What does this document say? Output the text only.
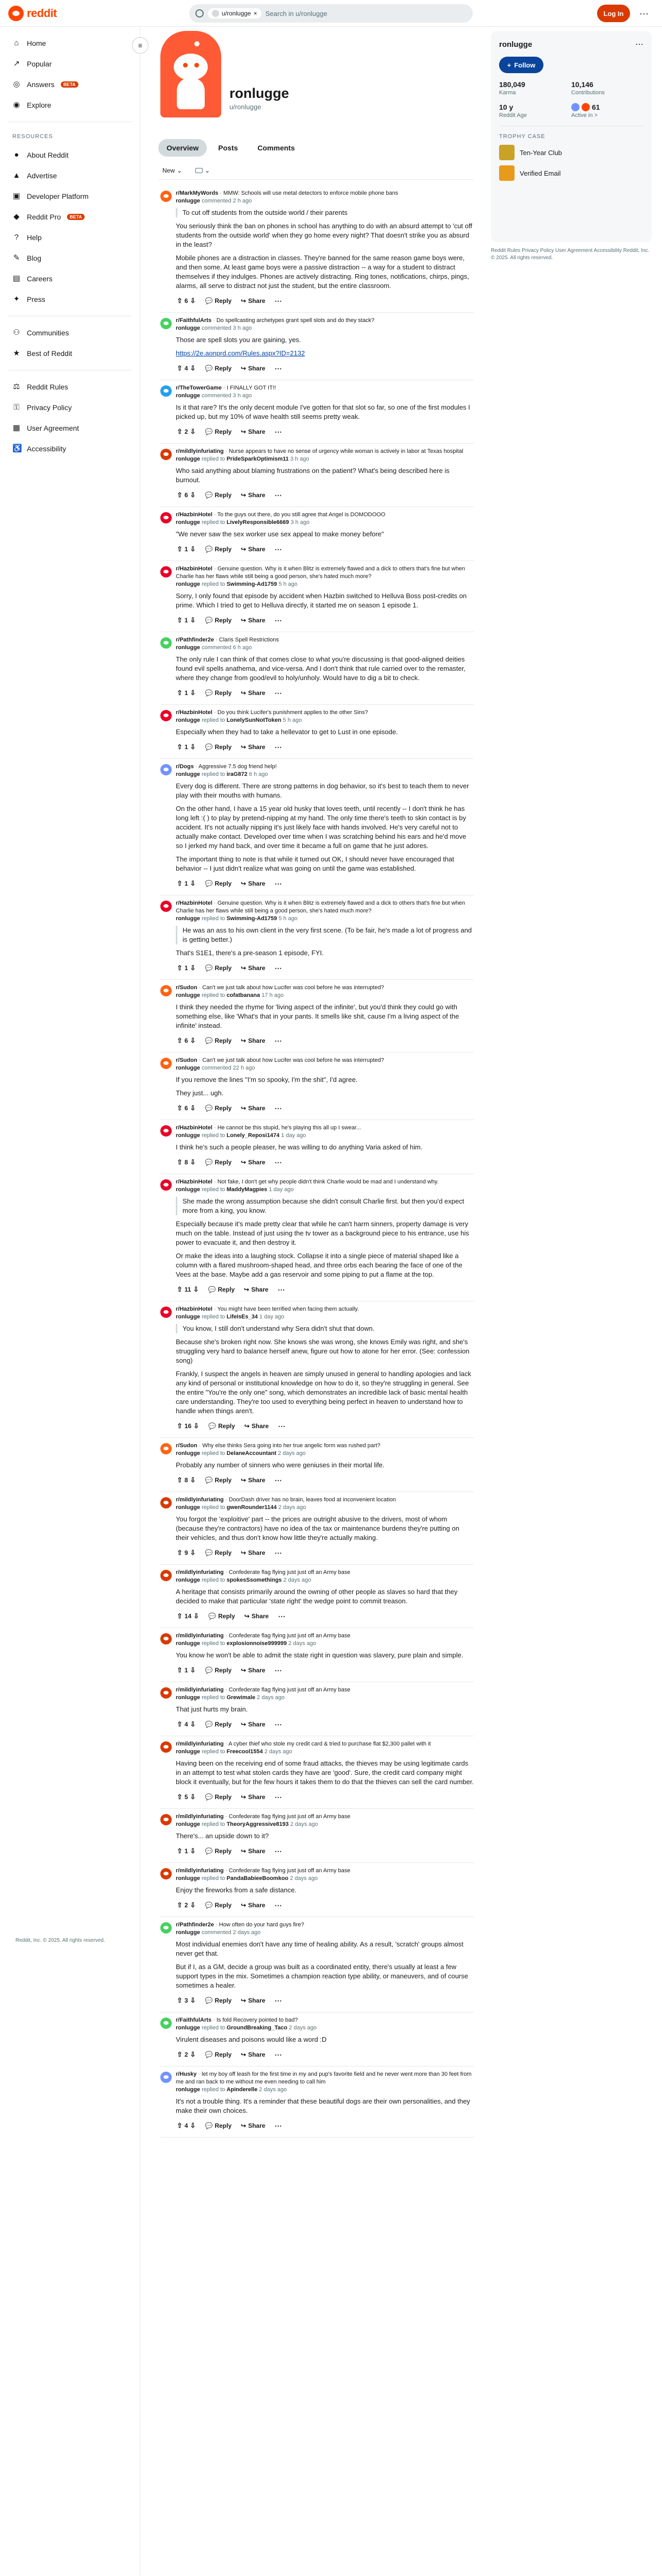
reddit	u/ronlugge × Search in u/ronlugge	Log In	⋯
⌂ Home
↗ Popular
◎ Answers	BETA
◉ Explore
RESOURCES
● About Reddit
▲ Advertise
▣ Developer Platform
◆ Reddit Pro	BETA
? Help
✎ Blog
▤ Careers
✦ Press
⚇ Communities
★ Best of Reddit
⚖ Reddit Rules
⚿ Privacy Policy
▦ User Agreement
♿ Accessibility
≡
Reddit, Inc. © 2025. All rights reserved.
ronlugge
u/ronlugge
Overview	Posts	Comments
New ⌄	⌄
r/MarkMyWords · MMW: Schools will use metal detectors to enforce mobile phone bans
ronlugge commented 2 h ago
To cut off students from the outside world / their parents

You seriously think the ban on phones in school has anything to do with an absurd attempt to 'cut off students from the outside world' when they go home every night? That doesn't strike you as absurd in the least?

Mobile phones are a distraction in classes. They're banned for the same reason game boys were, and then some. At least game boys were a passive distraction -- a way for a student to distract themselves if they indulges. Phones are actively distracting. Ring tones, notifications, chirps, pings, alarms, all serve to distract not just the student, but the entire classroom.

⇧ 6 ⇩ 💬 Reply ↪ Share	⋯
r/FaithfulArts · Do spellcasting archetypes grant spell slots and do they stack?
ronlugge commented 3 h ago

Those are spell slots you are gaining, yes.

https://2e.aonprd.com/Rules.aspx?ID=2132

⇧ 4 ⇩ 💬 Reply ↪ Share	⋯
r/TheTowerGame · I FINALLY GOT IT!!
ronlugge commented 3 h ago

Is it that rare? It's the only decent module I've gotten for that slot so far, so one of the first modules I picked up, but my 10% of wave health still seems pretty weak.

⇧ 2 ⇩ 💬 Reply ↪ Share	⋯
r/mildlyinfuriating · Nurse appears to have no sense of urgency while woman is actively in labor at Texas hospital
ronlugge replied to PrideSparkOptimism11 3 h ago

Who said anything about blaming frustrations on the patient? What's being described here is burnout.

⇧ 6 ⇩ 💬 Reply ↪ Share	⋯
r/HazbinHotel · To the guys out there, do you still agree that Angel is DOMODOOO
ronlugge replied to LivelyResponsible6669 3 h ago

"We never saw the sex worker use sex appeal to make money before"

⇧ 1 ⇩ 💬 Reply ↪ Share	⋯
r/HazbinHotel · Genuine question. Why is it when Blitz is extremely flawed and a dick to others that's fine but when Charlie has her flaws while still being a good person, she's hated much more?
ronlugge replied to Swimming-Ad1759 5 h ago

Sorry, I only found that episode by accident when Hazbin switched to Helluva Boss post-credits on prime. Which I tried to get to Helluva directly, it started me on season 1 episode 1.

⇧ 1 ⇩ 💬 Reply ↪ Share	⋯
r/Pathfinder2e · Claris Spell Restrictions
ronlugge commented 6 h ago

The only rule I can think of that comes close to what you're discussing is that good-aligned deities found evil spells anathema, and vice-versa. And I don't think that rule carried over to the remaster, where they change from good/evil to holy/unholy. Would have to dig a bit to check.

⇧ 1 ⇩ 💬 Reply ↪ Share	⋯
r/HazbinHotel · Do you think Lucifer's punishment applies to the other Sins?
ronlugge replied to LonelySunNotToken 5 h ago

Especially when they had to take a hellevator to get to Lust in one episode.

⇧ 1 ⇩ 💬 Reply ↪ Share	⋯
r/Dogs · Aggressive 7.5 dog friend help!
ronlugge replied to iraG872 6 h ago

Every dog is different. There are strong patterns in dog behavior, so it's best to teach them to never play with their mouths with humans.

On the other hand, I have a 15 year old husky that loves teeth, until recently -- I don't think he has long left :( ) to play by pretend-nipping at my hand. The only time there's teeth to skin contact is by accident. It's not actually nipping it's just likely face with hands involved. He's very careful not to actually make contact. Developed over time when I was scratching behind his ears and he'd move so I jerked my hand back, and over time it became a full on game that he just adores.

The important thing to note is that while it turned out OK, I should never have encouraged that behavior -- I just didn't realize what was going on until the game was established.

⇧ 1 ⇩ 💬 Reply ↪ Share	⋯
r/HazbinHotel · Genuine question. Why is it when Blitz is extremely flawed and a dick to others that's fine but when Charlie has her flaws while still being a good person, she's hated much more?
ronlugge replied to Swimming-Ad1759 5 h ago
He was an ass to his own client in the very first scene. (To be fair, he's made a lot of progress and is getting better.)

That's S1E1, there's a pre-season 1 episode, FYI.

⇧ 1 ⇩ 💬 Reply ↪ Share	⋯
r/Sudon · Can't we just talk about how Lucifer was cool before he was interrupted?
ronlugge replied to cofatbanana 17 h ago

I think they needed the rhyme for 'living aspect of the infinite', but you'd think they could go with something else, like 'What's that in your pants. It smells like shit, cause I'm a living aspect of the infinite' instead.

⇧ 6 ⇩ 💬 Reply ↪ Share	⋯
r/Sudon · Can't we just talk about how Lucifer was cool before he was interrupted?
ronlugge commented 22 h ago

If you remove the lines "I'm so spooky, I'm the shit", I'd agree.

They just... ugh.

⇧ 6 ⇩ 💬 Reply ↪ Share	⋯
r/HazbinHotel · He cannot be this stupid, he's playing this all up I swear...
ronlugge replied to Lonely_Reposi1474 1 day ago

I think he's such a people pleaser, he was willing to do anything Varia asked of him.

⇧ 8 ⇩ 💬 Reply ↪ Share	⋯
r/HazbinHotel · Not fake, I don't get why people didn't think Charlie would be mad and I understand why.
ronlugge replied to MaddyMagpies 1 day ago
She made the wrong assumption because she didn't consult Charlie first. but then you'd expect more from a king, you know.

Especially because it's made pretty clear that while he can't harm sinners, property damage is very much on the table. Instead of just using the tv tower as a background piece to his entrance, use his power to evacuate it, and then destroy it.

Or make the ideas into a laughing stock. Collapse it into a single piece of material shaped like a column with a flared mushroom-shaped head, and three orbs each bearing the face of one of the Vees at the base. Maybe add a gas reservoir and some piping to put a flame at the top.

⇧ 11 ⇩ 💬 Reply ↪ Share	⋯
r/HazbinHotel · You might have been terrified when facing them actually.
ronlugge replied to LifeIsEs_34 1 day ago
You know, I still don't understand why Sera didn't shut that down.

Because she's broken right now. She knows she was wrong, she knows Emily was right, and she's struggling very hard to balance herself anew, figure out how to atone for her error. (See: confession song)

Frankly, I suspect the angels in heaven are simply unused in general to handling apologies and lack any kind of personal or institutional knowledge on how to do it, so they're struggling in general. See the entire "You're the only one" song, which demonstrates an incredible lack of basic mental health care understanding. They're too used to everything being perfect in heaven to understand how to handle when things aren't.

⇧ 16 ⇩ 💬 Reply ↪ Share	⋯
r/Sudon · Why else thinks Sera going into her true angelic form was rushed part?
ronlugge replied to DelaneAccountant 2 days ago

Probably any number of sinners who were geniuses in their mortal life.

⇧ 8 ⇩ 💬 Reply ↪ Share	⋯
r/mildlyinfuriating · DoorDash driver has no brain, leaves food at inconvenient location
ronlugge replied to gwenRounder1144 2 days ago

You forgot the 'exploitive' part -- the prices are outright abusive to the drivers, most of whom (because they're contractors) have no idea of the tax or maintenance burdens they're putting on their vehicles, and thus don't know how little they're actually making.

⇧ 9 ⇩ 💬 Reply ↪ Share	⋯
r/mildlyinfuriating · Confederate flag flying just just off an Army base
ronlugge replied to spokesSsomethings 2 days ago

A heritage that consists primarily around the owning of other people as slaves so hard that they decided to make that particular 'state right' the wedge point to commit treason.

⇧ 14 ⇩ 💬 Reply ↪ Share	⋯
r/mildlyinfuriating · Confederate flag flying just just off an Army base
ronlugge replied to explosionnoise999999 2 days ago

You know he won't be able to admit the state right in question was slavery, pure plain and simple.

⇧ 1 ⇩ 💬 Reply ↪ Share	⋯
r/mildlyinfuriating · Confederate flag flying just just off an Army base
ronlugge replied to Grewimale 2 days ago

That just hurts my brain.

⇧ 4 ⇩ 💬 Reply ↪ Share	⋯
r/mildlyinfuriating · A cyber thief who stole my credit card & tried to purchase flat $2,300 pallet with it
ronlugge replied to Freecool1554 2 days ago

Having been on the receiving end of some fraud attacks, the thieves may be using legitimate cards in an attempt to test what stolen cards they have are 'good'. Sure, the credit card company might block it eventually, but for the few hours it takes them to do that the thieves can sell the card number.

⇧ 5 ⇩ 💬 Reply ↪ Share	⋯
r/mildlyinfuriating · Confederate flag flying just just off an Army base
ronlugge replied to TheoryAggressive8193 2 days ago

There's... an upside down to it?

⇧ 1 ⇩ 💬 Reply ↪ Share	⋯
r/mildlyinfuriating · Confederate flag flying just just off an Army base
ronlugge replied to PandaBabieeBoomkoo 2 days ago

Enjoy the fireworks from a safe distance.

⇧ 2 ⇩ 💬 Reply ↪ Share	⋯
r/Pathfinder2e · How often do your hard guys fire?
ronlugge commented 2 days ago

Most individual enemies don't have any time of healing ability. As a result, 'scratch' groups almost never get that.

But if I, as a GM, decide a group was built as a coordinated entity, there's usually at least a few support types in the mix. Sometimes a champion reaction type ability, or maneuvers, and of course sometimes a healer.

⇧ 3 ⇩ 💬 Reply ↪ Share	⋯
r/FaithfulArts · Is fold Recovery pointed to bad?
ronlugge replied to GroundBreaking_Taco 2 days ago

Virulent diseases and poisons would like a word :D

⇧ 2 ⇩ 💬 Reply ↪ Share	⋯
r/Husky · let my boy off leash for the first time in my and pup's favorite field and he never went more than 30 feet from me and ran back to me without me even needing to call him
ronlugge replied to Apinderelle 2 days ago

It's not a trouble thing. It's a reminder that these beautiful dogs are their own personalities, and they make their own choices.

⇧ 4 ⇩ 💬 Reply ↪ Share	⋯
ronlugge	⋯
+ Follow
180,049
Karma
10,146
Contributions
10 y
Reddit Age
61
Active in >
TROPHY CASE
Ten-Year Club
Verified Email
Reddit Rules Privacy Policy User Agreement Accessibility Reddit, Inc. © 2025. All rights reserved.
